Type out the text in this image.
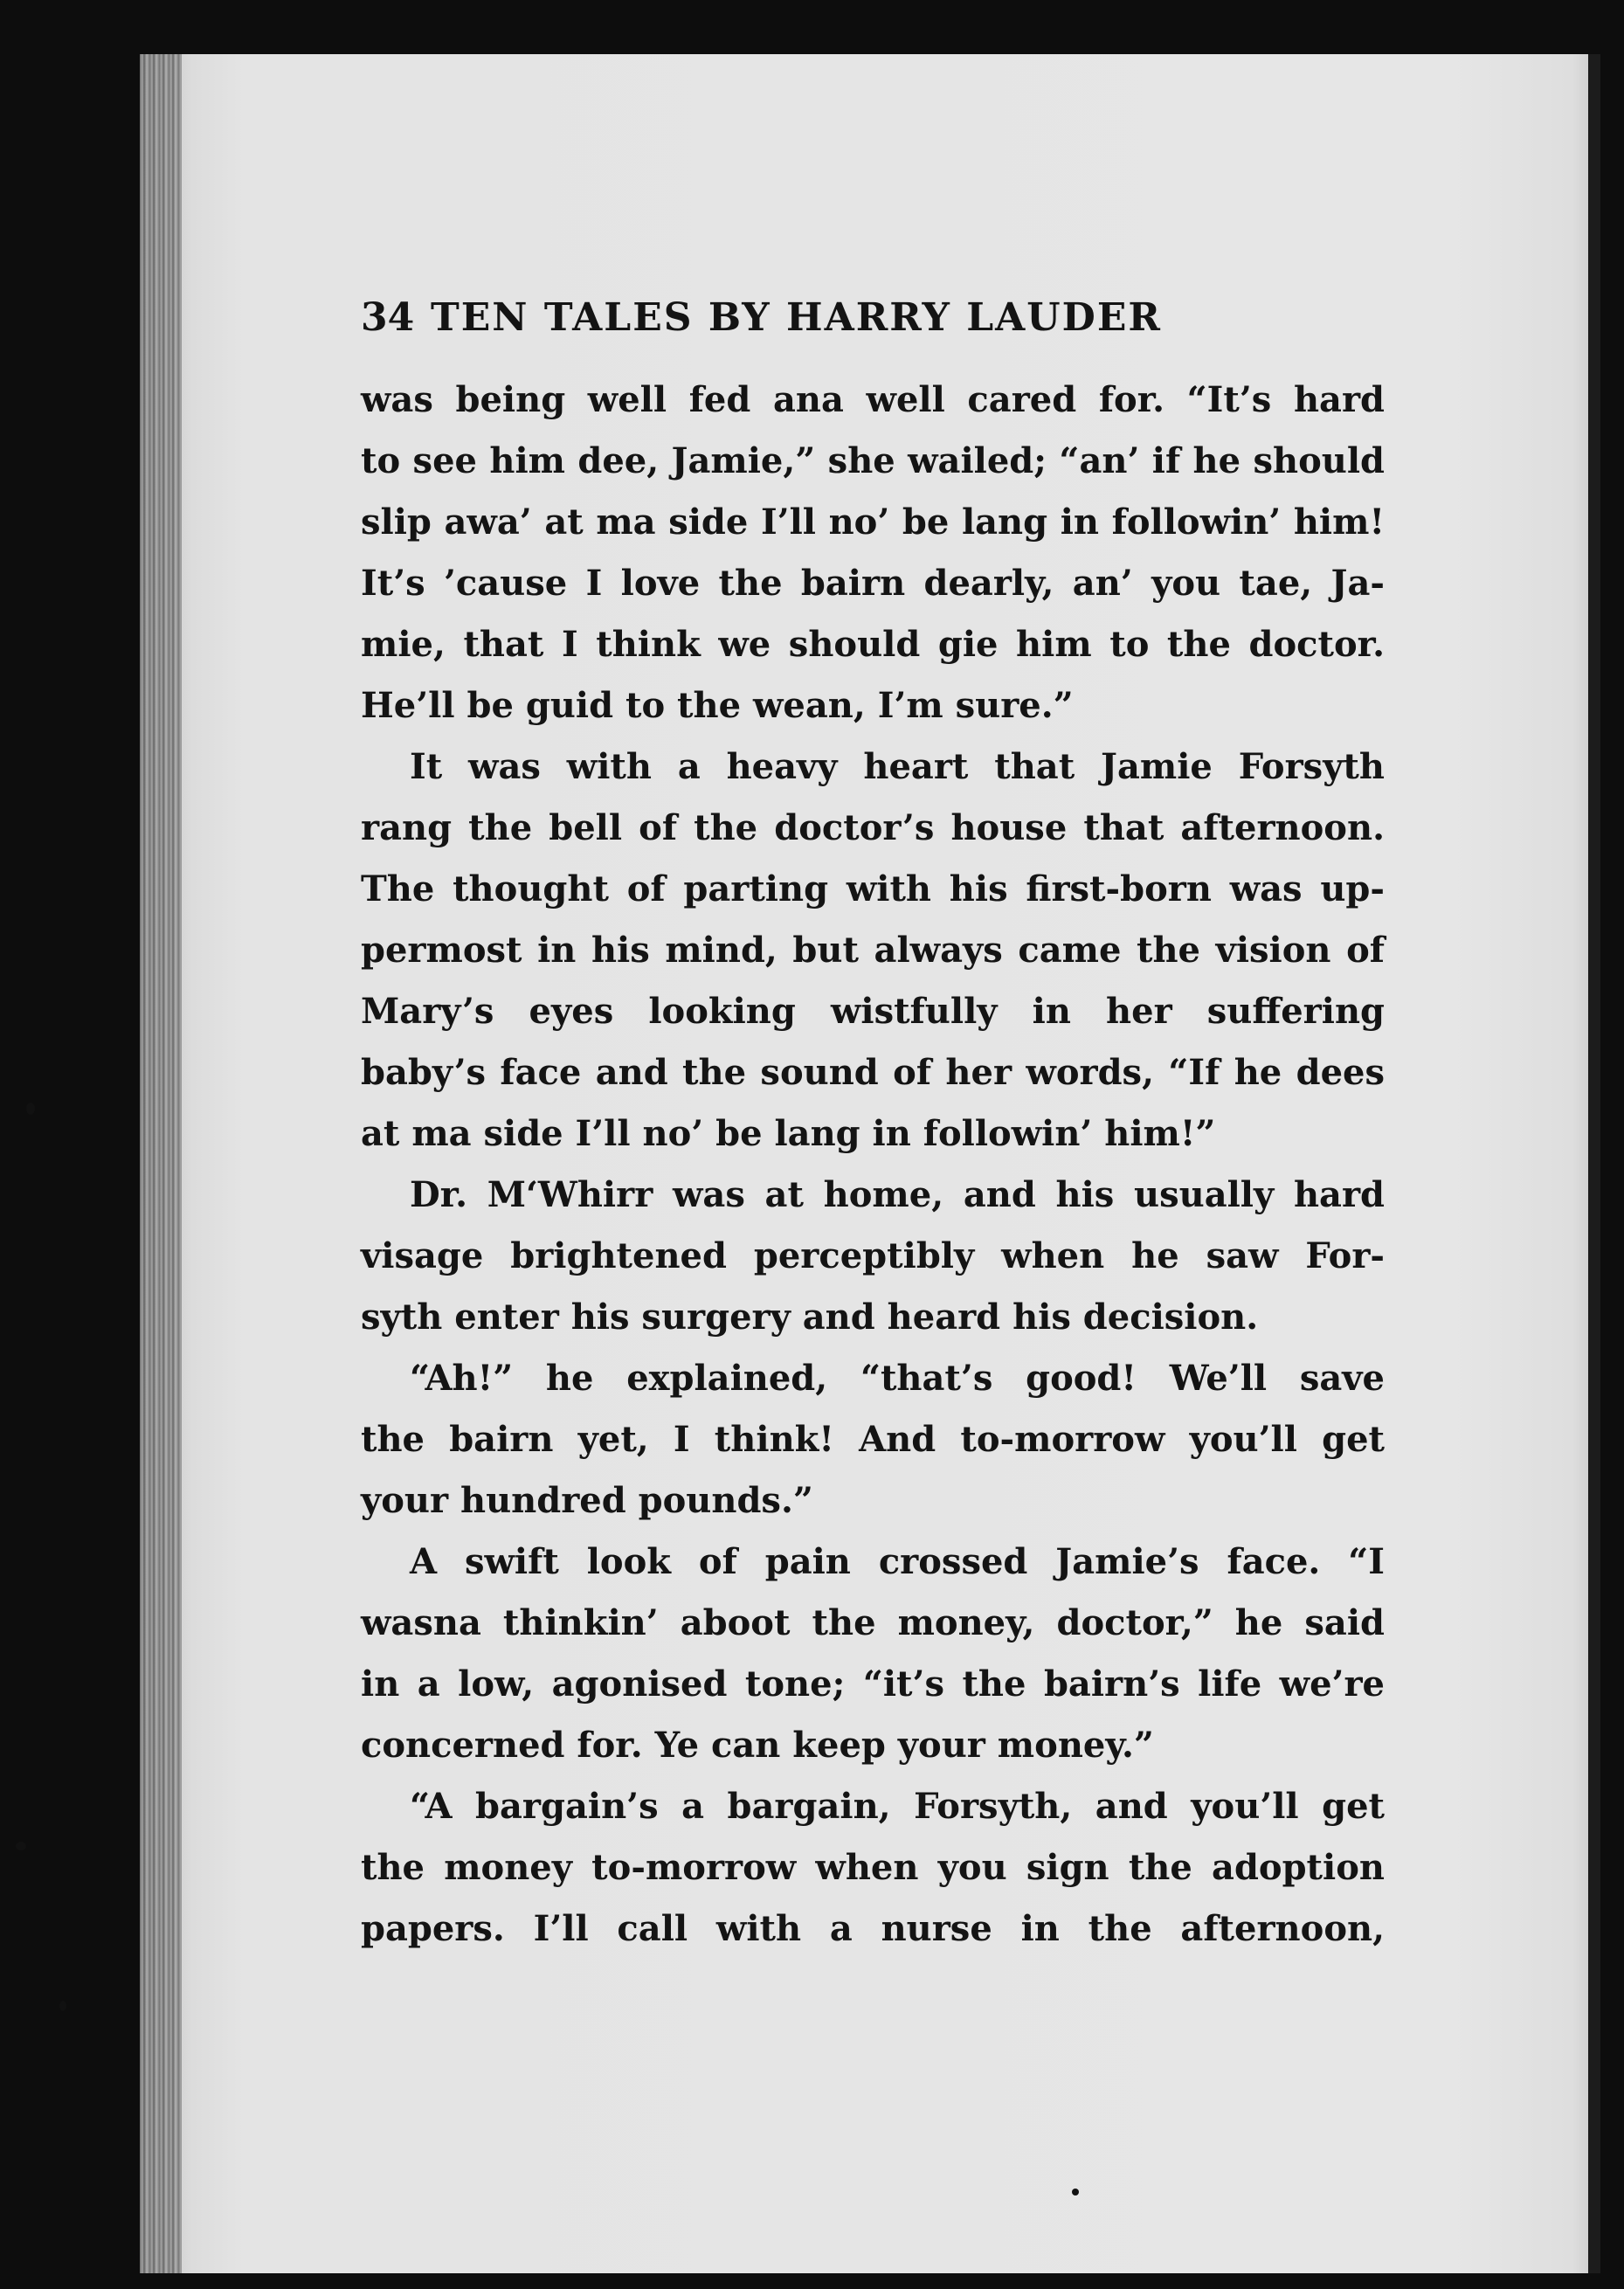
34 TEN TALES BY HARRY LAUDER
was being well fed ana well cared for. “It’s hard
to see him dee, Jamie,” she wailed; “an’ if he should
slip awa’ at ma side I’ll no’ be lang in followin’ him!
It’s ’cause I love the bairn dearly, an’ you tae, Ja-
mie, that I think we should gie him to the doctor.
He’ll be guid to the wean, I’m sure.”
It was with a heavy heart that Jamie Forsyth
rang the bell of the doctor’s house that afternoon.
The thought of parting with his first-born was up-
permost in his mind, but always came the vision of
Mary’s eyes looking wistfully in her suffering
baby’s face and the sound of her words, “If he dees
at ma side I’ll no’ be lang in followin’ him!”
Dr. M‘Whirr was at home, and his usually hard
visage brightened perceptibly when he saw For-
syth enter his surgery and heard his decision.
“Ah!” he explained, “that’s good! We’ll save
the bairn yet, I think! And to-morrow you’ll get
your hundred pounds.”
A swift look of pain crossed Jamie’s face. “I
wasna thinkin’ aboot the money, doctor,” he said
in a low, agonised tone; “it’s the bairn’s life we’re
concerned for. Ye can keep your money.”
“A bargain’s a bargain, Forsyth, and you’ll get
the money to-morrow when you sign the adoption
papers. I’ll call with a nurse in the afternoon,
